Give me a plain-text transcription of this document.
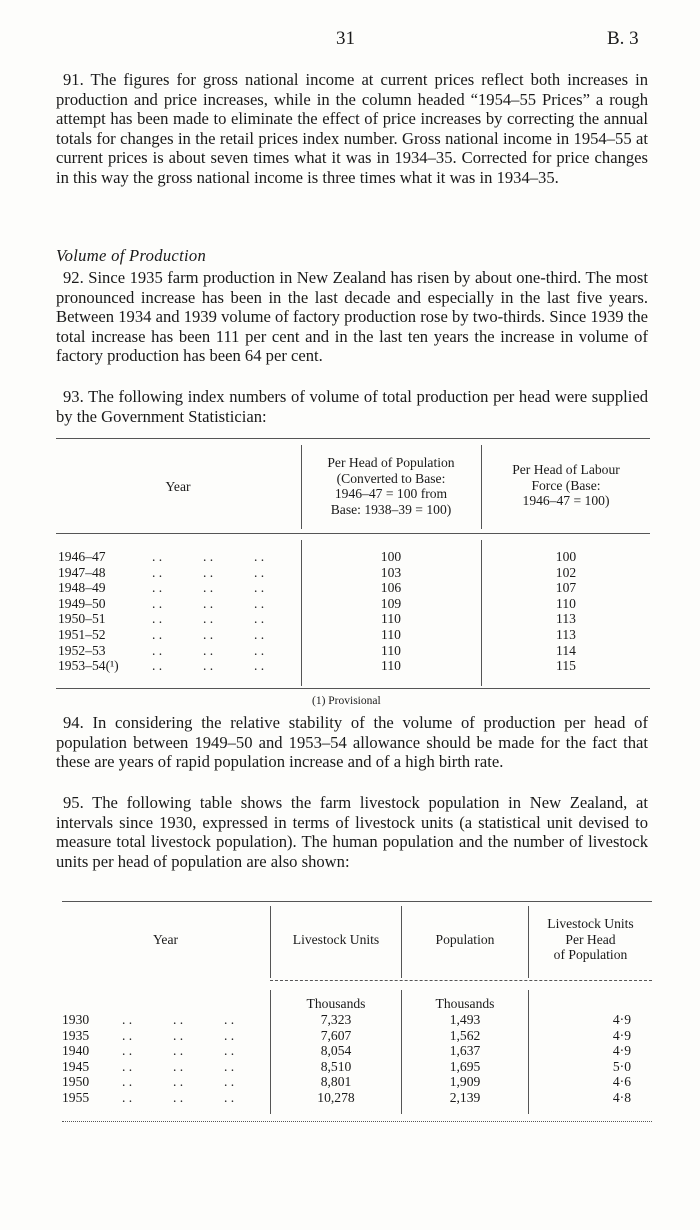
31	B. 3

91. The figures for gross national income at current prices reflect both increases in production and price increases, while in the column headed “1954–55 Prices” a rough attempt has been made to eliminate the effect of price increases by correcting the annual totals for changes in the retail prices index number. Gross national income in 1954–55 at current prices is about seven times what it was in 1934–35. Corrected for price changes in this way the gross national income is three times what it was in 1934–35.

Volume of Production

92. Since 1935 farm production in New Zealand has risen by about one-third. The most pronounced increase has been in the last decade and especially in the last five years. Between 1934 and 1939 volume of factory production rose by two-thirds. Since 1939 the total increase has been 111 per cent and in the last ten years the increase in volume of factory production has been 64 per cent.

93. The following index numbers of volume of total production per head were supplied by the Government Statistician:

Year
Per Head of Population
(Converted to Base:
1946–47 = 100 from
Base: 1938–39 = 100)
Per Head of Labour
Force (Base:
1946–47 = 100)
1946–47	. .            . .            . .	100	100
1947–48	. .            . .            . .	103	102
1948–49	. .            . .            . .	106	107
1949–50	. .            . .            . .	109	110
1950–51	. .            . .            . .	110	113
1951–52	. .            . .            . .	110	113
1952–53	. .            . .            . .	110	114
1953–54(¹) . .            . .            . .	110	115
(1) Provisional

94. In considering the relative stability of the volume of production per head of population between 1949–50 and 1953–54 allowance should be made for the fact that these are years of rapid population increase and of a high birth rate.

95. The following table shows the farm livestock population in New Zealand, at intervals since 1930, expressed in terms of livestock units (a statistical unit devised to measure total livestock population). The human population and the number of livestock units per head of population are also shown:

Year	Livestock Units	Population
Livestock Units
Per Head
of Population
Thousands	Thousands
1930 . .            . .            . .	7,323	1,493	4·9
1935 . .            . .            . .	7,607	1,562	4·9
1940 . .            . .            . .	8,054	1,637	4·9
1945 . .            . .            . .	8,510	1,695	5·0
1950 . .            . .            . .	8,801	1,909	4·6
1955 . .            . .            . .	10,278	2,139	4·8
